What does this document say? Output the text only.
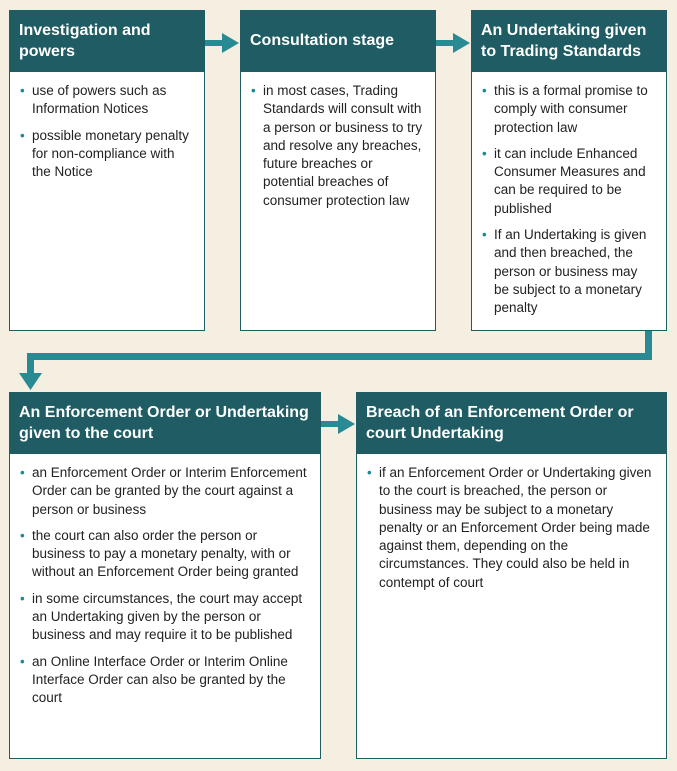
Investigation and powers
• use of powers such as Information Notices
• possible monetary penalty for non-compliance with the Notice
Consultation stage
• in most cases, Trading Standards will consult with a person or business to try and resolve any breaches, future breaches or potential breaches of consumer protection law
An Undertaking given to Trading Standards
• this is a formal promise to comply with consumer protection law
• it can include Enhanced Consumer Measures and can be required to be published
• If an Undertaking is given and then breached, the person or business may be subject to a monetary penalty
An Enforcement Order or Undertaking given to the court
• an Enforcement Order or Interim Enforcement Order can be granted by the court against a person or business
• the court can also order the person or business to pay a monetary penalty, with or without an Enforcement Order being granted
• in some circumstances, the court may accept an Undertaking given by the person or business and may require it to be published
• an Online Interface Order or Interim Online Interface Order can also be granted by the court
Breach of an Enforcement Order or court Undertaking
• if an Enforcement Order or Undertaking given to the court is breached, the person or business may be subject to a monetary penalty or an Enforcement Order being made against them, depending on the circumstances. They could also be held in contempt of court
